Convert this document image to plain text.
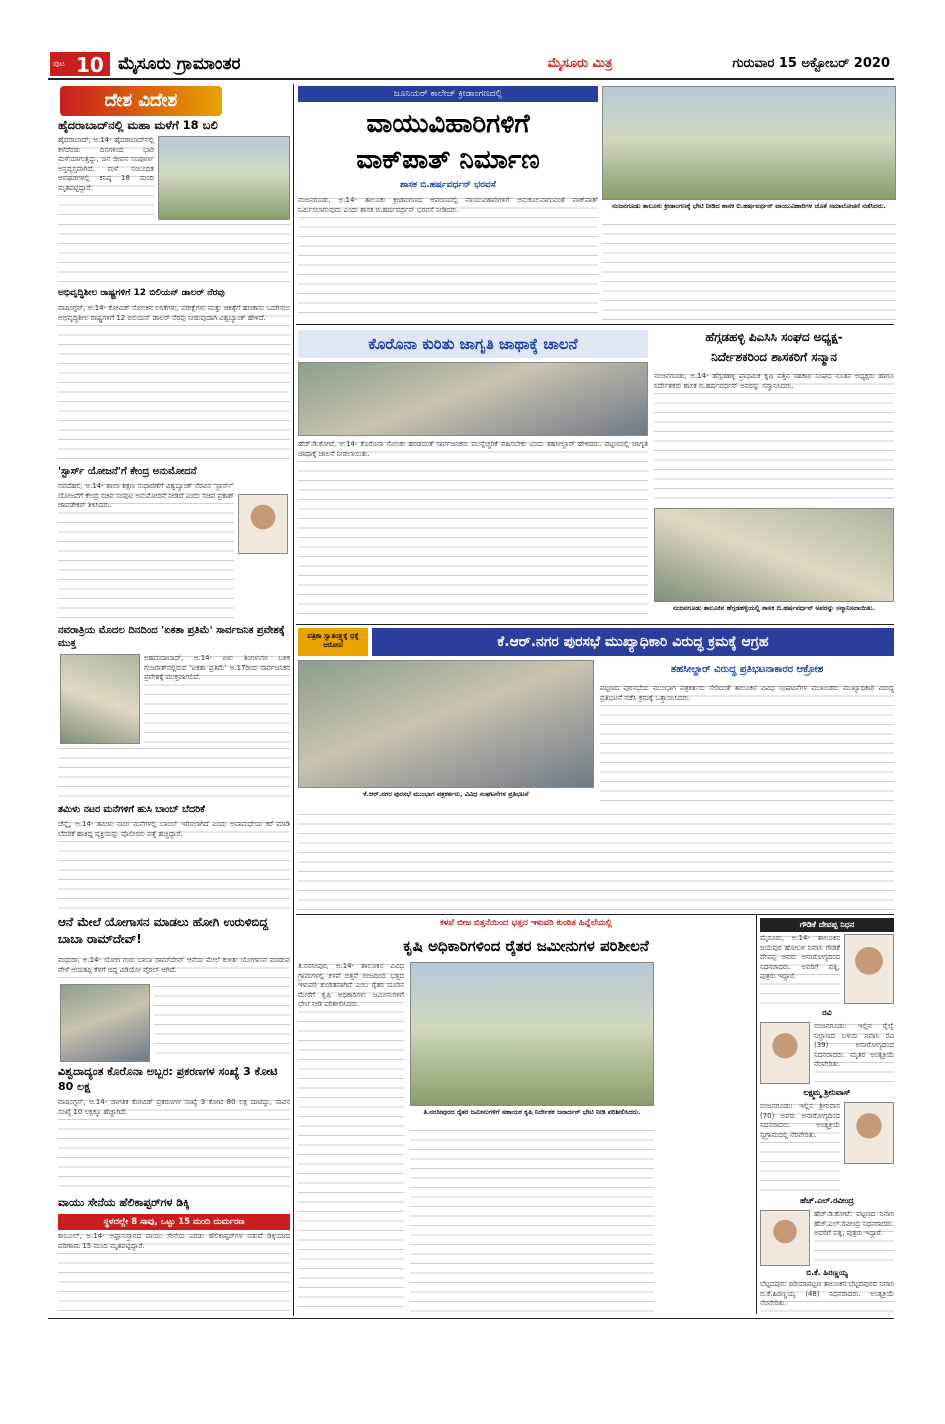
ಪುಟ 10 ಮೈಸೂರು ಗ್ರಾಮಾಂತರ	ಮೈಸೂರು ಮಿತ್ರ	ಗುರುವಾರ 15 ಅಕ್ಟೋಬರ್ 2020
ದೇಶ ವಿದೇಶ
ಹೈದರಾಬಾದ್‌ನಲ್ಲಿ ಮಹಾ ಮಳೆಗೆ 18 ಬಲಿ
ಹೈದರಾಬಾದ್, ಅ.14- ಹೈದರಾಬಾದ್‌ನಲ್ಲಿ ಕಳೆದೆರಡು ದಿನಗಳಿಂದ ಭಾರಿ ಮಳೆಯಾಗುತ್ತಿದ್ದು, ಜನ ಜೀವನ ಸಂಪೂರ್ಣ ಅಸ್ತವ್ಯಸ್ತವಾಗಿದೆ. ಮಳೆ ಸಂಬಂಧಿತ ಅವಘಡಗಳಲ್ಲಿ ಕನಿಷ್ಠ 18 ಮಂದಿ ಮೃತಪಟ್ಟಿದ್ದಾರೆ.
ಅಭಿವೃದ್ಧಿಶೀಲ ರಾಷ್ಟ್ರಗಳಿಗೆ 12 ಬಿಲಿಯನ್ ಡಾಲರ್ ನೆರವು
ವಾಷಿಂಗ್ಟನ್, ಅ.14- ಕೋವಿಡ್ ಸೋಂಕಿನ ಲಸಿಕೆಗಳು, ಪರೀಕ್ಷೆಗಳು ಮತ್ತು ಚಿಕಿತ್ಸೆಗೆ ಹಣಕಾಸು ಒದಗಿಸಲು ಅಭಿವೃದ್ಧಿಶೀಲ ರಾಷ್ಟ್ರಗಳಿಗೆ 12 ಬಿಲಿಯನ್ ಡಾಲರ್ ನೆರವು ನೀಡುವುದಾಗಿ ವಿಶ್ವಬ್ಯಾಂಕ್ ಹೇಳಿದೆ.
'ಸ್ಟಾರ್ಸ್ ಯೋಜನೆ'ಗೆ ಕೇಂದ್ರ ಅನುಮೋದನೆ
ನವದೆಹಲಿ, ಅ.14- ಶಾಲಾ ಶಿಕ್ಷಣ ಸುಧಾರಣೆಗೆ ವಿಶ್ವಬ್ಯಾಂಕ್ ನೆರವಿನ 'ಸ್ಟಾರ್ಸ್' ಯೋಜನೆಗೆ ಕೇಂದ್ರ ಸಚಿವ ಸಂಪುಟ ಅನುಮೋದನೆ ನೀಡಿದೆ ಎಂದು ಸಚಿವ ಪ್ರಕಾಶ್ ಜಾವಡೇಕರ್ ತಿಳಿಸಿದರು.
ನವರಾತ್ರಿಯ ಮೊದಲ ದಿನದಿಂದ 'ಏಕತಾ ಪ್ರತಿಮೆ' ಸಾರ್ವಜನಿಕ ಪ್ರವೇಶಕ್ಕೆ ಮುಕ್ತ
ಅಹಮದಾಬಾದ್, ಅ.14- ಏಳು ತಿಂಗಳುಗಳ ಬಳಿಕ ಗುಜರಾತ್‌ನಲ್ಲಿರುವ 'ಏಕತಾ ಪ್ರತಿಮೆ' ಅ.17ರಿಂದ ಸಾರ್ವಜನಿಕರ ಪ್ರವೇಶಕ್ಕೆ ಮುಕ್ತವಾಗಲಿದೆ.
ತಮಿಳು ನಟರ ಮನೆಗಳಿಗೆ ಹುಸಿ ಬಾಂಬ್ ಬೆದರಿಕೆ
ಚೆನ್ನೈ, ಅ.14- ತಮಿಳು ನಟರ ಮನೆಗಳಲ್ಲಿ ಬಾಂಬ್ ಇರಿಸಲಾಗಿದೆ ಎಂದು ಅನಾಮಧೇಯ ಕರೆ ಮಾಡಿ ಬೆದರಿಕೆ ಹಾಕಿದ್ದ ವ್ಯಕ್ತಿಯನ್ನು ಪೊಲೀಸರು ಪತ್ತೆ ಹಚ್ಚಿದ್ದಾರೆ.
ಆನೆ ಮೇಲೆ ಯೋಗಾಸನ ಮಾಡಲು ಹೋಗಿ ಉರುಳಿಬಿದ್ದ ಬಾಬಾ ರಾಮ್‌ದೇವ್!
ಮಥುರಾ, ಅ.14- ಯೋಗ ಗುರು ಬಾಬಾ ರಾಮ್‌ದೇವ್ ಆನೆಯ ಮೇಲೆ ಕುಳಿತು ಯೋಗಾಸನ ಮಾಡುವ ವೇಳೆ ಆಯತಪ್ಪಿ ಕೆಳಗೆ ಬಿದ್ದ ವಿಡಿಯೋ ವೈರಲ್ ಆಗಿದೆ.
ವಿಶ್ವದಾದ್ಯಂತ ಕೊರೊನಾ ಅಬ್ಬರ: ಪ್ರಕರಣಗಳ ಸಂಖ್ಯೆ 3 ಕೋಟಿ 80 ಲಕ್ಷ
ವಾಷಿಂಗ್ಟನ್, ಅ.14- ಜಾಗತಿಕ ಕೋವಿಡ್ ಪ್ರಕರಣಗಳ ಸಂಖ್ಯೆ 3 ಕೋಟಿ 80 ಲಕ್ಷ ದಾಟಿದ್ದು, ಸಾವಿನ ಸಂಖ್ಯೆ 10 ಲಕ್ಷಕ್ಕೂ ಹೆಚ್ಚಾಗಿದೆ.
ವಾಯು ಸೇನೆಯ ಹೆಲಿಕಾಪ್ಟರ್‌ಗಳ ಡಿಕ್ಕಿ
ಸ್ಥಳದಲ್ಲೇ 8 ಸಾವು, ಒಟ್ಟು 15 ಮಂದಿ ದುರ್ಮರಣ
ಕಾಬೂಲ್, ಅ.14- ಅಫ್ಘಾನಿಸ್ತಾನದ ವಾಯು ಸೇನೆಯ ಎರಡು ಹೆಲಿಕಾಪ್ಟರ್‌ಗಳ ನಡುವೆ ಡಿಕ್ಕಿಯಾದ ಪರಿಣಾಮ 15 ಮಂದಿ ಮೃತಪಟ್ಟಿದ್ದಾರೆ.
ಜೂನಿಯರ್ ಕಾಲೇಜ್ ಕ್ರೀಡಾಂಗಣದಲ್ಲಿ
ವಾಯುವಿಹಾರಿಗಳಿಗೆ
ವಾಕ್‌ಪಾತ್ ನಿರ್ಮಾಣ
ಶಾಸಕ ಬಿ.ಹರ್ಷವರ್ಧನ್ ಭರವಸೆ
ನಂಜನಗೂಡು, ಅ.14- ತಾಲೂಕು ಕ್ರೀಡಾಂಗಣದ ಆವರಣದಲ್ಲಿ ವಾಯುವಿಹಾರಿಗಳಿಗೆ ಅನುಕೂಲವಾಗುವಂತೆ ವಾಕ್‌ಪಾತ್ ನಿರ್ಮಿಸಲಾಗುವುದು ಎಂದು ಶಾಸಕ ಬಿ.ಹರ್ಷವರ್ಧನ್ ಭರವಸೆ ನೀಡಿದರು.	ನಂಜನಗೂಡು ತಾಲೂಕು ಕ್ರೀಡಾಂಗಣಕ್ಕೆ ಭೇಟಿ ನೀಡಿದ ಶಾಸಕ ಬಿ.ಹರ್ಷವರ್ಧನ್ ವಾಯುವಿಹಾರಿಗಳ ಜೊತೆ ಸಮಾಲೋಚನೆ ನಡೆಸಿದರು.
ಕೊರೊನಾ ಕುರಿತು ಜಾಗೃತಿ ಜಾಥಾಕ್ಕೆ ಚಾಲನೆ
ಹೆಚ್.ಡಿ.ಕೋಟೆ, ಅ.14- ಕೊರೊನಾ ಸೋಂಕು ಹರಡದಂತೆ ಸಾರ್ವಜನಿಕರು ಮುನ್ನೆಚ್ಚರಿಕೆ ವಹಿಸಬೇಕು ಎಂದು ತಹಸೀಲ್ದಾರ್ ಹೇಳಿದರು. ಪಟ್ಟಣದಲ್ಲಿ ಜಾಗೃತಿ ಜಾಥಾಕ್ಕೆ ಚಾಲನೆ ನೀಡಲಾಯಿತು.
ಹೆಗ್ಗಡಹಳ್ಳಿ ಪಿಎಸಿಸಿ ಸಂಘದ ಅಧ್ಯಕ್ಷ-
ನಿರ್ದೇಶಕರಿಂದ ಶಾಸಕರಿಗೆ ಸನ್ಮಾನ
ನಂಜನಗೂಡು, ಅ.14- ಹೆಗ್ಗಡಹಳ್ಳಿ ಪ್ರಾಥಮಿಕ ಕೃಷಿ ಪತ್ತಿನ ಸಹಕಾರ ಸಂಘದ ನೂತನ ಅಧ್ಯಕ್ಷರು ಹಾಗೂ ನಿರ್ದೇಶಕರು ಶಾಸಕ ಬಿ.ಹರ್ಷವರ್ಧನ್ ಅವರನ್ನು ಸನ್ಮಾನಿಸಿದರು.
ನಂಜನಗೂಡು ತಾಲೂಕಿನ ಹೆಗ್ಗಡಹಳ್ಳಿಯಲ್ಲಿ ಶಾಸಕ ಬಿ.ಹರ್ಷವರ್ಧನ್ ಅವರನ್ನು ಸನ್ಮಾನಿಸಲಾಯಿತು.
ಪತ್ರಿಕಾ ಸ್ವಾತಂತ್ರ್ಯಕ್ಕೆ ಧಕ್ಕೆ ಆರೋಪ	ಕೆ.ಆರ್.ನಗರ ಪುರಸಭೆ ಮುಖ್ಯಾಧಿಕಾರಿ ವಿರುದ್ಧ ಕ್ರಮಕ್ಕೆ ಆಗ್ರಹ
ಕೆ.ಆರ್.ನಗರ ಪುರಸಭೆ ಮುಂಭಾಗ ಪತ್ರಕರ್ತರು, ವಿವಿಧ ಸಂಘಟನೆಗಳ ಪ್ರತಿಭಟನೆ
ತಹಸೀಲ್ದಾರ್ ವಿರುದ್ಧ ಪ್ರತಿಭಟನಾಕಾರರ ಆಕ್ರೋಶ
ಪಟ್ಟಣದ ಪುರಸಭೆಯ ಮುಂಭಾಗ ಪತ್ರಕರ್ತರು ಸೇರಿದಂತೆ ತಾಲೂಕಿನ ವಿವಿಧ ಸಂಘಟನೆಗಳ ಮುಖಂಡರು ಮುಖ್ಯಾಧಿಕಾರಿ ವಿರುದ್ಧ ಪ್ರತಿಭಟನೆ ನಡೆಸಿ ಕ್ರಮಕ್ಕೆ ಒತ್ತಾಯಿಸಿದರು.
ಕಳಪೆ ಬೀಜ ಬಿತ್ತನೆಯಿಂದ ಭತ್ತದ ಇಳುವರಿ ಕುಂಠಿತ ಹಿನ್ನೆಲೆಯಲ್ಲಿ
ಕೃಷಿ ಅಧಿಕಾರಿಗಳಿಂದ ರೈತರ ಜಮೀನುಗಳ ಪರಿಶೀಲನೆ
ತಿ.ನರಸೀಪುರ, ಅ.14- ತಾಲೂಕಿನ ವಿವಿಧ ಗ್ರಾಮಗಳಲ್ಲಿ ಕಳಪೆ ಬಿತ್ತನೆ ಬೀಜದಿಂದ ಭತ್ತದ ಇಳುವರಿ ಕುಂಠಿತವಾಗಿದೆ ಎಂಬ ರೈತರ ದೂರಿನ ಮೇರೆಗೆ ಕೃಷಿ ಅಧಿಕಾರಿಗಳು ಜಮೀನುಗಳಿಗೆ ಭೇಟಿ ನೀಡಿ ಪರಿಶೀಲಿಸಿದರು.
ತಿ.ನರಸೀಪುರದ ರೈತರ ಜಮೀನುಗಳಿಗೆ ಸಹಾಯಕ ಕೃಷಿ ನಿರ್ದೇಶಕ ಜನಾರ್ದನ್ ಭೇಟಿ ನೀಡಿ ಪರಿಶೀಲಿಸಿದರು.
ಗೌಡಿಕೆ ದೇವಪ್ಪ ನಿಧನ
ಮೈಸೂರು, ಅ.14- ತಾಲೂಕಿನ ಜಯಪುರ ಹೋಬಳಿ ನಿವಾಸಿ ಗೌಡಿಕೆ ದೇವಪ್ಪ ಅವರು ಅನಾರೋಗ್ಯದಿಂದ ನಿಧನರಾದರು. ಅವರಿಗೆ ಪತ್ನಿ, ಪುತ್ರರು ಇದ್ದಾರೆ.
ರವಿ
ನಂಜನಗೂಡು: ಇಲ್ಲಿನ ರೈಲ್ವೆ ನಿಲ್ದಾಣದ ಬಳಿಯ ನಿವಾಸಿ ರವಿ (39) ಅನಾರೋಗ್ಯದಿಂದ ನಿಧನರಾದರು. ಮೃತರ ಅಂತ್ಯಕ್ರಿಯೆ ನೆರವೇರಿತು.
ಲಕ್ಷ್ಮಮ್ಮ ಶ್ರೀನಿವಾಸ್
ನಂಜನಗೂಡು: ಇಲ್ಲಿನ ಶ್ರೀನಿವಾಸ (70) ಅವರು ಅನಾರೋಗ್ಯದಿಂದ ನಿಧನರಾದರು. ಅಂತ್ಯಕ್ರಿಯೆ ಸ್ವಗ್ರಾಮದಲ್ಲಿ ನೆರವೇರಿತು.
ಹೆಚ್.ಎಲ್.ರವೀಂದ್ರ
ಹೆಚ್.ಡಿ.ಕೋಟೆ: ಪಟ್ಟಣದ ನಿವಾಸಿ ಹೆಚ್.ಎಲ್.ರವೀಂದ್ರ ನಿಧನರಾದರು. ಅವರಿಗೆ ಪತ್ನಿ, ಪುತ್ರರು ಇದ್ದಾರೆ.
ಬಿ.ಕೆ. ಹಿರಣ್ಣಯ್ಯ
ಬೆಟ್ಟದಪುರ: ಪಿರಿಯಾಪಟ್ಟಣ ತಾಲೂಕಿನ ಬೆಟ್ಟದಪುರದ ನಿವಾಸಿ ಬಿ.ಕೆ.ಹಿರಣ್ಣಯ್ಯ (48) ನಿಧನರಾದರು. ಅಂತ್ಯಕ್ರಿಯೆ ನೆರವೇರಿತು.
